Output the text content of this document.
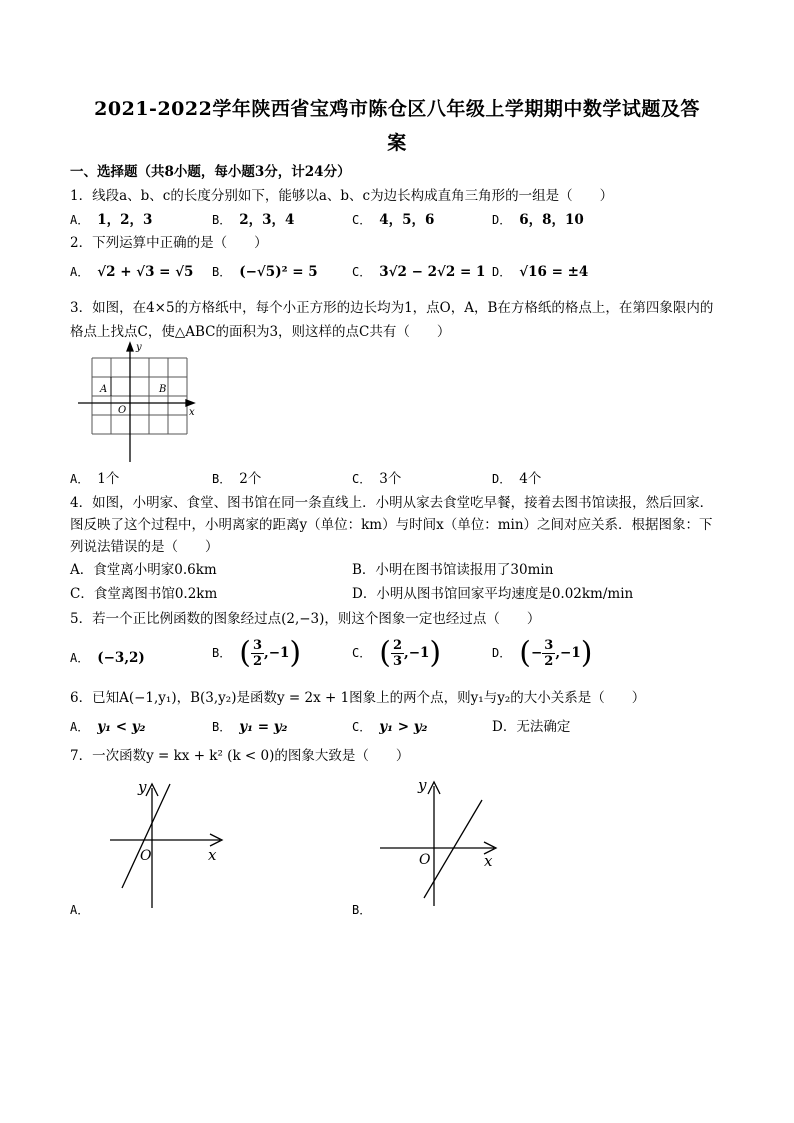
2021-2022学年陕西省宝鸡市陈仓区八年级上学期期中数学试题及答
案
一、选择题（共8小题，每小题3分，计24分）
1．线段a、b、c的长度分别如下，能够以a、b、c为边长构成直角三角形的一组是（　　）
A． 1，2，3	B． 2，3，4	C． 4，5，6	D． 6，8，10
2．下列运算中正确的是（　　）
A． √2 + √3 = √5 B． (−√5)² = 5	C． 3√2 − 2√2 = 1 D． √16 = ±4
3．如图，在4×5的方格纸中，每个小正方形的边长均为1，点O，A，B在方格纸的格点上，在第四象限内的格点上找点C，使△ABC的面积为3，则这样的点C共有（　　）
y
x
O
A	B
A． 1个	B． 2个	C． 3个	D． 4个
4．如图，小明家、食堂、图书馆在同一条直线上．小明从家去食堂吃早餐，接着去图书馆读报，然后回家．图反映了这个过程中，小明离家的距离y（单位：km）与时间x（单位：min）之间对应关系．根据图象：下列说法错误的是（　　）
A．食堂离小明家0.6km	B．小明在图书馆读报用了30min
C．食堂离图书馆0.2km	D．小明从图书馆回家平均速度是0.02km/min
5．若一个正比例函数的图象经过点(2,−3)，则这个图象一定也经过点（　　）
A． (−3,2)	B． ( $\frac{3}{2} ,-1$)	C． ( $\frac{2}{3} ,-1$)	D． (− $\frac{3}{2} ,-1$)
6．已知A(−1,y₁)，B(3,y₂)是函数y = 2x + 1图象上的两个点，则y₁与y₂的大小关系是（　　）
A． y₁ < y₂	B． y₁ = y₂	C． y₁ > y₂	D．无法确定
7．一次函数y = kx + k² (k < 0)的图象大致是（　　）
y
x
O
A．
y
x
O
B．
